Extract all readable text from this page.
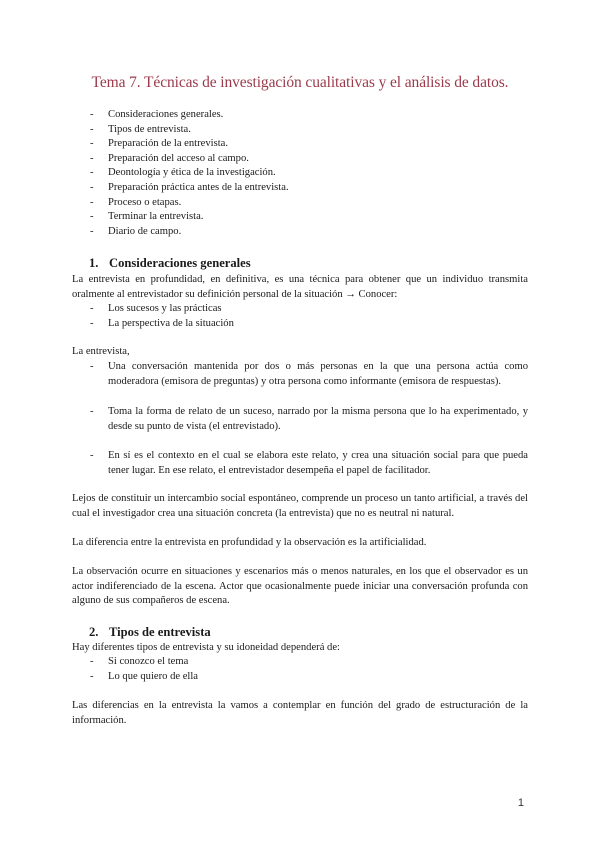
Tema 7. Técnicas de investigación cualitativas y el análisis de datos.
- Consideraciones generales.
- Tipos de entrevista.
- Preparación de la entrevista.
- Preparación del acceso al campo.
- Deontología y ética de la investigación.
- Preparación práctica antes de la entrevista.
- Proceso o etapas.
- Terminar la entrevista.
- Diario de campo.
1. Consideraciones generales
La entrevista en profundidad, en definitiva, es una técnica para obtener que un individuo transmita oralmente al entrevistador su definición personal de la situación → Conocer:
- Los sucesos y las prácticas
- La perspectiva de la situación
La entrevista,
- Una conversación mantenida por dos o más personas en la que una persona actúa como moderadora (emisora de preguntas) y otra persona como informante (emisora de respuestas).
- Toma la forma de relato de un suceso, narrado por la misma persona que lo ha experimentado, y desde su punto de vista (el entrevistado).
- En sí es el contexto en el cual se elabora este relato, y crea una situación social para que pueda tener lugar. En ese relato, el entrevistador desempeña el papel de facilitador.
Lejos de constituir un intercambio social espontáneo, comprende un proceso un tanto artificial, a través del cual el investigador crea una situación concreta (la entrevista) que no es neutral ni natural.
La diferencia entre la entrevista en profundidad y la observación es la artificialidad.
La observación ocurre en situaciones y escenarios más o menos naturales, en los que el observador es un actor indiferenciado de la escena. Actor que ocasionalmente puede iniciar una conversación profunda con alguno de sus compañeros de escena.
2. Tipos de entrevista
Hay diferentes tipos de entrevista y su idoneidad dependerá de:
- Si conozco el tema
- Lo que quiero de ella
Las diferencias en la entrevista la vamos a contemplar en función del grado de estructuración de la información.
1
